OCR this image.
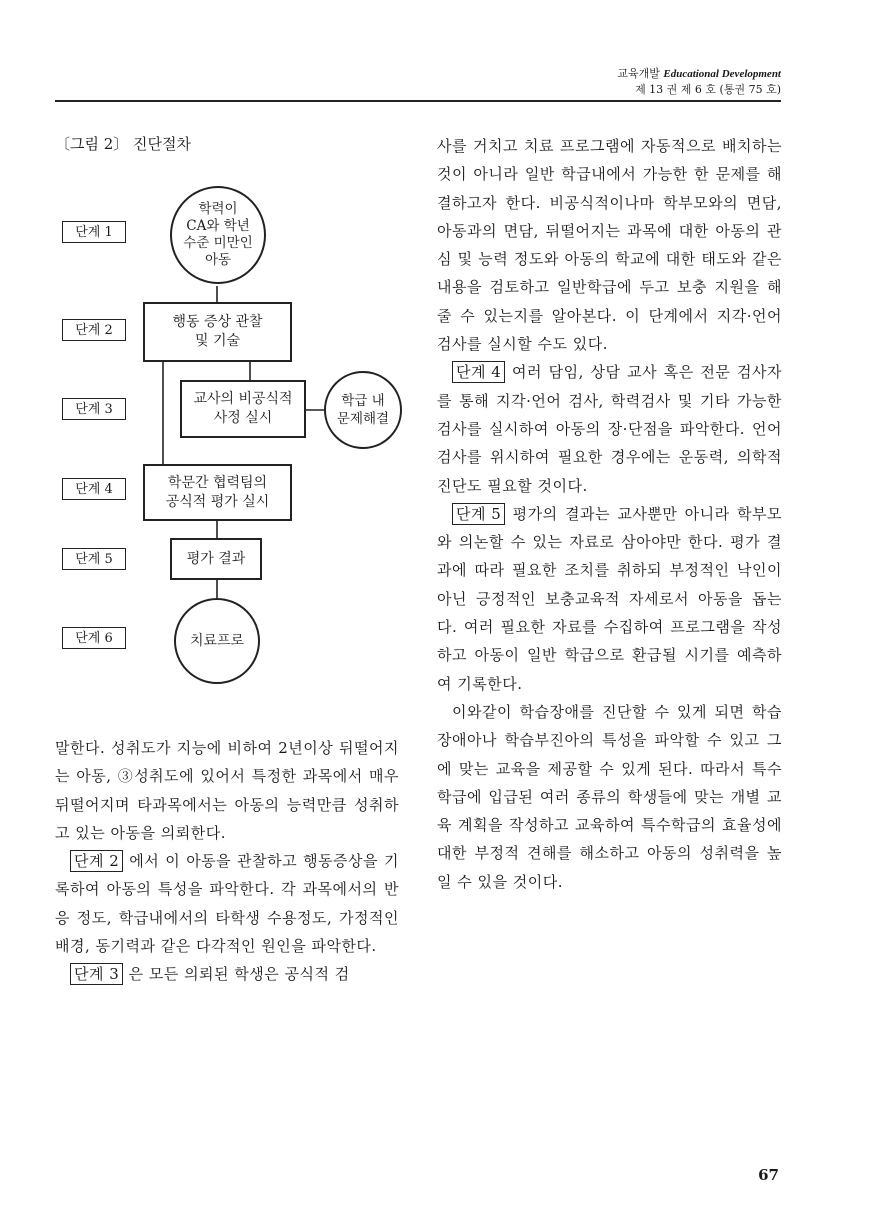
교육개발 Educational Development
제 13 권 제 6 호 (통권 75 호)
〔그림 2〕 진단절차
단계 1
단계 2
단계 3
단계 4
단계 5
단계 6
학력이
CA와 학년
수준 미만인
아동
행동 증상 관찰
및 기술
교사의 비공식적
사정 실시
학급 내
문제해결
학문간 협력팀의
공식적 평가 실시
평가 결과
치료프로

말한다. 성취도가 지능에 비하여 2년이상 뒤떨어지는 아동, ③성취도에 있어서 특정한 과목에서 매우 뒤떨어지며 타과목에서는 아동의 능력만큼 성취하고 있는 아동을 의뢰한다.

단계 2 에서 이 아동을 관찰하고 행동증상을 기록하여 아동의 특성을 파악한다. 각 과목에서의 반응 정도, 학급내에서의 타학생 수용정도, 가정적인 배경, 동기력과 같은 다각적인 원인을 파악한다.

단계 3 은 모든 의뢰된 학생은 공식적 검

사를 거치고 치료 프로그램에 자동적으로 배치하는 것이 아니라 일반 학급내에서 가능한 한 문제를 해결하고자 한다. 비공식적이나마 학부모와의 면담, 아동과의 면담, 뒤떨어지는 과목에 대한 아동의 관심 및 능력 정도와 아동의 학교에 대한 태도와 같은 내용을 검토하고 일반학급에 두고 보충 지원을 해줄 수 있는지를 알아본다. 이 단계에서 지각·언어 검사를 실시할 수도 있다.

단계 4 여러 담임, 상담 교사 혹은 전문 검사자를 통해 지각·언어 검사, 학력검사 및 기타 가능한 검사를 실시하여 아동의 장·단점을 파악한다. 언어 검사를 위시하여 필요한 경우에는 운동력, 의학적 진단도 필요할 것이다.

단계 5 평가의 결과는 교사뿐만 아니라 학부모와 의논할 수 있는 자료로 삼아야만 한다. 평가 결과에 따라 필요한 조치를 취하되 부정적인 낙인이 아닌 긍정적인 보충교육적 자세로서 아동을 돕는다. 여러 필요한 자료를 수집하여 프로그램을 작성하고 아동이 일반 학급으로 환급될 시기를 예측하여 기록한다.

이와같이 학습장애를 진단할 수 있게 되면 학습장애아나 학습부진아의 특성을 파악할 수 있고 그에 맞는 교육을 제공할 수 있게 된다. 따라서 특수학급에 입급된 여러 종류의 학생들에 맞는 개별 교육 계획을 작성하고 교육하여 특수학급의 효율성에 대한 부정적 견해를 해소하고 아동의 성취력을 높일 수 있을 것이다.

67
